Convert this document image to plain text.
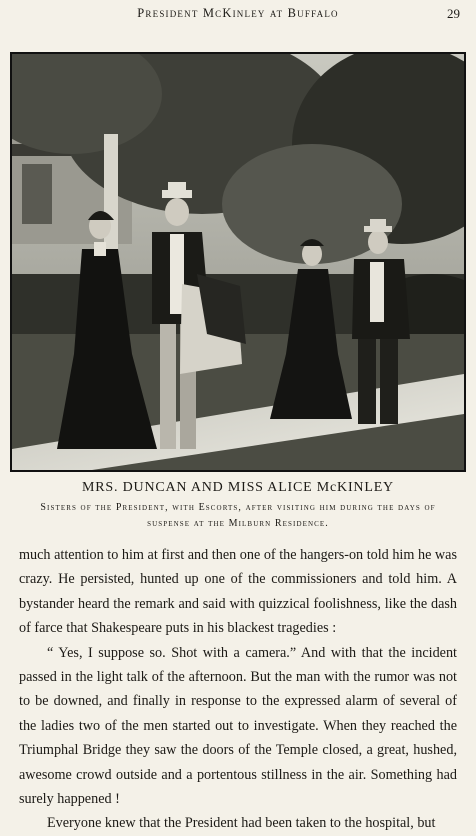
President McKinley at Buffalo	29
MRS. DUNCAN AND MISS ALICE McKINLEY
Sisters of the President, with Escorts, after visiting him during the days of
suspense at the Milburn Residence.

much attention to him at first and then one of the hangers-on told him he was crazy. He persisted, hunted up one of the commissioners and told him. A bystander heard the remark and said with quizzical foolishness, like the dash of farce that Shakespeare puts in his blackest tragedies :

“ Yes, I suppose so. Shot with a camera.” And with that the incident passed in the light talk of the afternoon. But the man with the rumor was not to be downed, and finally in response to the expressed alarm of several of the ladies two of the men started out to investigate. When they reached the Triumphal Bridge they saw the doors of the Temple closed, a great, hushed, awesome crowd outside and a portentous stillness in the air. Something had surely happened !

Everyone knew that the President had been taken to the hospital, but
